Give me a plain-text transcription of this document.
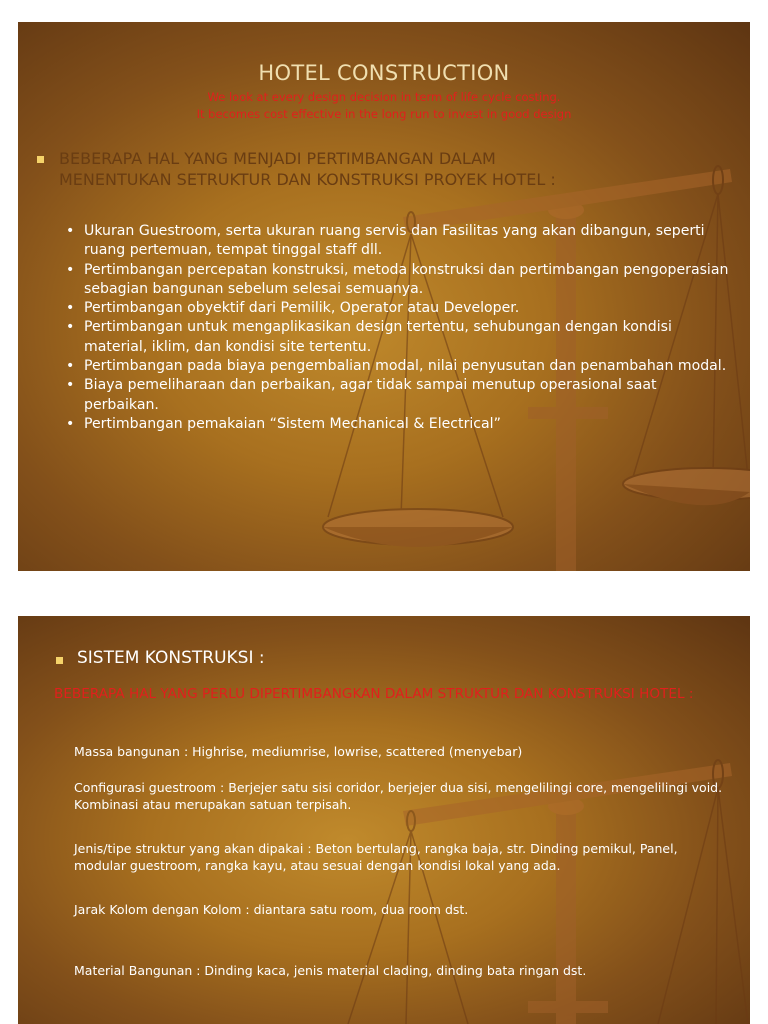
HOTEL CONSTRUCTION
We look at every design decision in term of life cycle costing.
It becomes cost effective in the long run to invest in good design
BEBERAPA HAL YANG MENJADI PERTIMBANGAN DALAM
MENENTUKAN SETRUKTUR DAN KONSTRUKSI PROYEK HOTEL :
• Ukuran Guestroom, serta ukuran ruang servis dan Fasilitas yang akan dibangun, seperti ruang pertemuan, tempat tinggal staff dll.
• Pertimbangan percepatan konstruksi, metoda konstruksi dan pertimbangan pengoperasian sebagian bangunan sebelum selesai semuanya.
• Pertimbangan obyektif dari Pemilik, Operator atau Developer.
• Pertimbangan untuk mengaplikasikan design tertentu, sehubungan dengan kondisi material, iklim, dan kondisi site tertentu.
• Pertimbangan pada biaya pengembalian modal, nilai penyusutan dan penambahan modal.
• Biaya pemeliharaan dan perbaikan, agar tidak sampai menutup operasional saat perbaikan.
• Pertimbangan pemakaian “Sistem Mechanical & Electrical”
SISTEM KONSTRUKSI :
BEBERAPA HAL YANG PERLU DIPERTIMBANGKAN DALAM STRUKTUR DAN KONSTRUKSI HOTEL :
Massa bangunan : Highrise, mediumrise, lowrise, scattered (menyebar)
Configurasi guestroom : Berjejer satu sisi coridor, berjejer dua sisi, mengelilingi core, mengelilingi void. Kombinasi atau merupakan satuan terpisah.
Jenis/tipe struktur yang akan dipakai : Beton bertulang, rangka baja, str. Dinding pemikul, Panel, modular guestroom, rangka kayu, atau sesuai dengan kondisi lokal yang ada.
Jarak Kolom dengan Kolom : diantara satu room, dua room dst.
Material Bangunan : Dinding kaca, jenis material clading, dinding bata ringan dst.
